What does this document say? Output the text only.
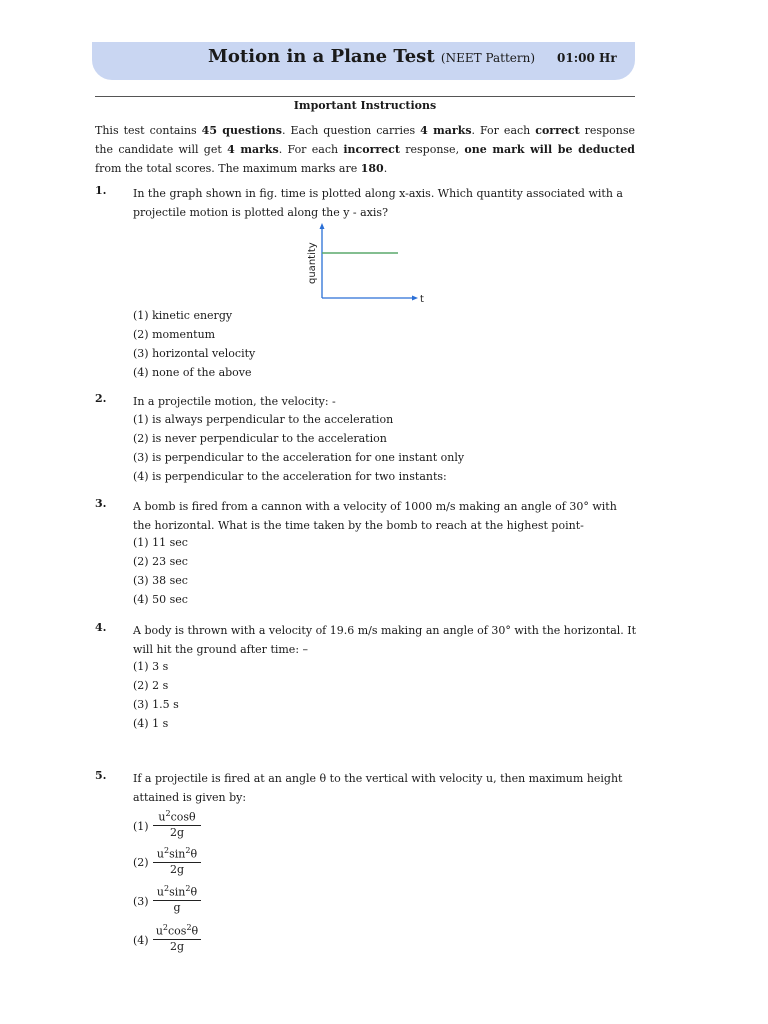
Motion in a Plane Test (NEET Pattern) 01:00 Hr
Important Instructions
This test contains 45 questions. Each question carries 4 marks. For each correct response the candidate will get 4 marks. For each incorrect response, one mark will be deducted from the total scores. The maximum marks are 180.
1. In the graph shown in fig. time is plotted along x-axis. Which quantity associated with a projectile motion is plotted along the y - axis?
quantity
t
(1) kinetic energy
(2) momentum
(3) horizontal velocity
(4) none of the above
2. In a projectile motion, the velocity: -
(1) is always perpendicular to the acceleration
(2) is never perpendicular to the acceleration
(3) is perpendicular to the acceleration for one instant only
(4) is perpendicular to the acceleration for two instants:
3. A bomb is fired from a cannon with a velocity of 1000 m/s making an angle of 30° with the horizontal. What is the time taken by the bomb to reach at the highest point-
(1) 11 sec
(2) 23 sec
(3) 38 sec
(4) 50 sec
4. A body is thrown with a velocity of 19.6 m/s making an angle of 30° with the horizontal. It will hit the ground after time: –
(1) 3 s
(2) 2 s
(3) 1.5 s
(4) 1 s
5. If a projectile is fired at an angle θ to the vertical with velocity u, then maximum height attained is given by:
$(1) \frac{u^2\cos\theta}{2g}$
$(2) \frac{u^2\sin^2\theta}{2g}$
$(3) \frac{u^2\sin^2\theta}{g}$
$(4) \frac{u^2\cos^2\theta}{2g}$
